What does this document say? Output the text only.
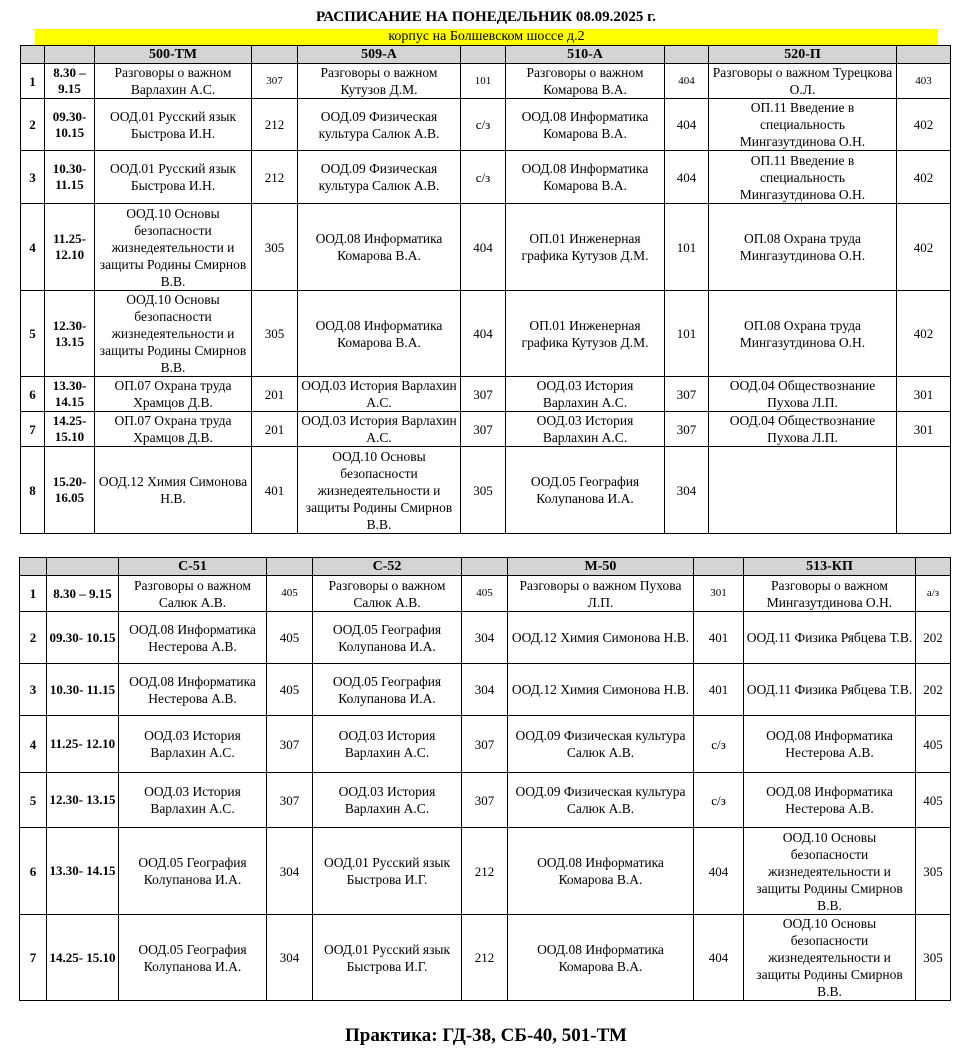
РАСПИСАНИЕ НА ПОНЕДЕЛЬНИК 08.09.2025 г.
корпус на Болшевском шоссе д.2
		500-ТМ		509-А		510-А		520-П	
1	8.30 – 9.15	Разговоры о важном Варлахин А.С.	307	Разговоры о важном Кутузов Д.М.	101	Разговоры о важном Комарова В.А.	404	Разговоры о важном Турецкова О.Л.	403
2	09.30- 10.15	ООД.01 Русский язык Быстрова И.Н.	212	ООД.09 Физическая культура Салюк А.В.	с/з	ООД.08 Информатика Комарова В.А.	404	ОП.11 Введение в специальность Мингазутдинова О.Н.	402
3	10.30- 11.15	ООД.01 Русский язык Быстрова И.Н.	212	ООД.09 Физическая культура Салюк А.В.	с/з	ООД.08 Информатика Комарова В.А.	404	ОП.11 Введение в специальность Мингазутдинова О.Н.	402
4	11.25- 12.10	ООД.10 Основы безопасности жизнедеятельности и защиты Родины Смирнов В.В.	305	ООД.08 Информатика Комарова В.А.	404	ОП.01 Инженерная графика Кутузов Д.М.	101	ОП.08 Охрана труда Мингазутдинова О.Н.	402
5	12.30- 13.15	ООД.10 Основы безопасности жизнедеятельности и защиты Родины Смирнов В.В.	305	ООД.08 Информатика Комарова В.А.	404	ОП.01 Инженерная графика Кутузов Д.М.	101	ОП.08 Охрана труда Мингазутдинова О.Н.	402
6	13.30- 14.15	ОП.07 Охрана труда Храмцов Д.В.	201	ООД.03 История Варлахин А.С.	307	ООД.03 История Варлахин А.С.	307	ООД.04 Обществознание Пухова Л.П.	301
7	14.25- 15.10	ОП.07 Охрана труда Храмцов Д.В.	201	ООД.03 История Варлахин А.С.	307	ООД.03 История Варлахин А.С.	307	ООД.04 Обществознание Пухова Л.П.	301
8	15.20- 16.05	ООД.12 Химия Симонова Н.В.	401	ООД.10 Основы безопасности жизнедеятельности и защиты Родины Смирнов В.В.	305	ООД.05 География Колупанова И.А.	304		
		С-51		С-52		М-50		513-КП	
1	8.30 – 9.15	Разговоры о важном Салюк А.В.	405	Разговоры о важном Салюк А.В.	405	Разговоры о важном Пухова Л.П.	301	Разговоры о важном Мингазутдинова О.Н.	а/з
2	09.30- 10.15	ООД.08 Информатика Нестерова А.В.	405	ООД.05 География Колупанова И.А.	304	ООД.12 Химия Симонова Н.В.	401	ООД.11 Физика Рябцева Т.В.	202
3	10.30- 11.15	ООД.08 Информатика Нестерова А.В.	405	ООД.05 География Колупанова И.А.	304	ООД.12 Химия Симонова Н.В.	401	ООД.11 Физика Рябцева Т.В.	202
4	11.25- 12.10	ООД.03 История Варлахин А.С.	307	ООД.03 История Варлахин А.С.	307	ООД.09 Физическая культура Салюк А.В.	с/з	ООД.08 Информатика Нестерова А.В.	405
5	12.30- 13.15	ООД.03 История Варлахин А.С.	307	ООД.03 История Варлахин А.С.	307	ООД.09 Физическая культура Салюк А.В.	с/з	ООД.08 Информатика Нестерова А.В.	405
6	13.30- 14.15	ООД.05 География Колупанова И.А.	304	ООД.01 Русский язык Быстрова И.Г.	212	ООД.08 Информатика Комарова В.А.	404	ООД.10 Основы безопасности жизнедеятельности и защиты Родины Смирнов В.В.	305
7	14.25- 15.10	ООД.05 География Колупанова И.А.	304	ООД.01 Русский язык Быстрова И.Г.	212	ООД.08 Информатика Комарова В.А.	404	ООД.10 Основы безопасности жизнедеятельности и защиты Родины Смирнов В.В.	305
Практика: ГД-38, СБ-40, 501-ТМ
